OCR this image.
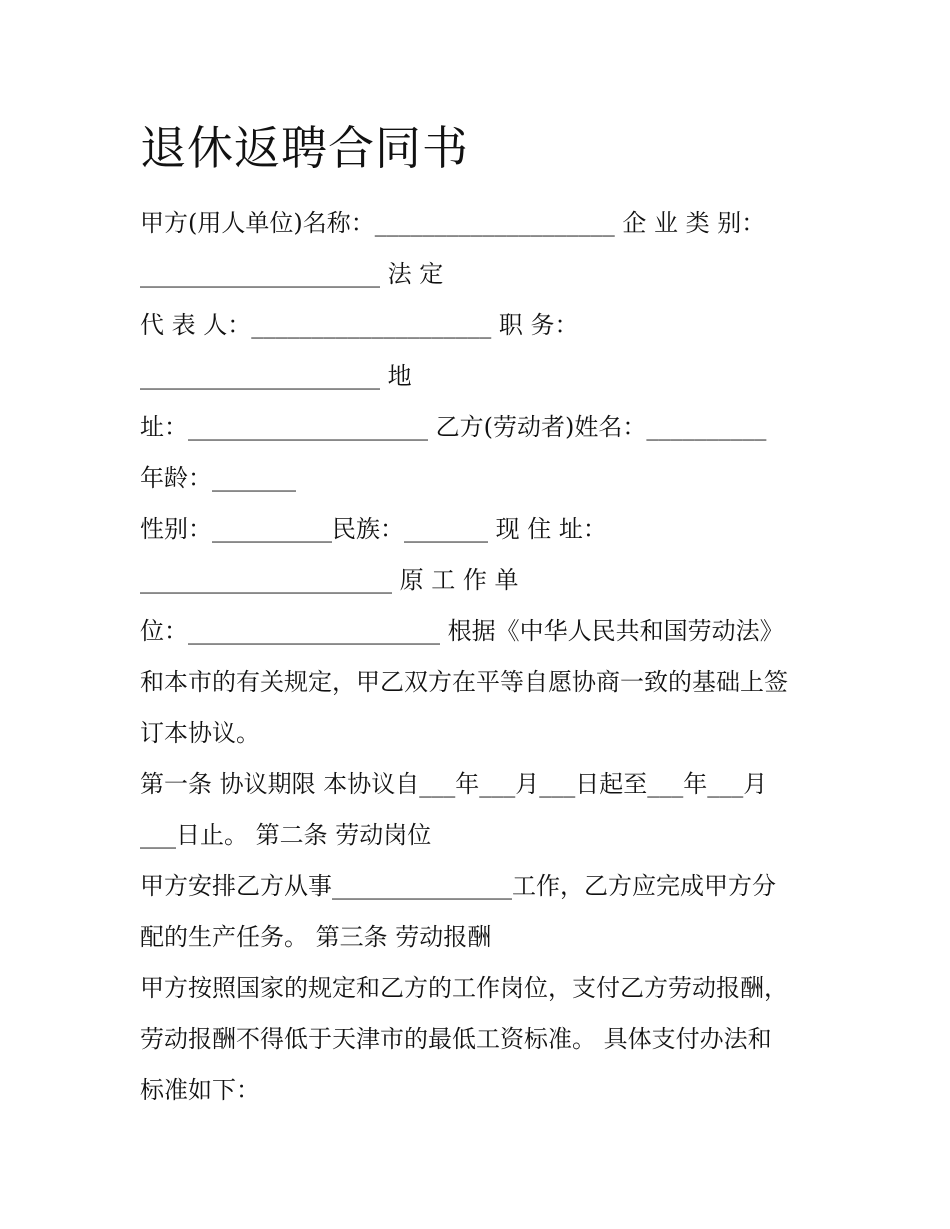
退休返聘合同书

甲方(用人单位)名称：____________________ 企 业 类 别：

____________________ 法 定

代 表 人：____________________ 职 务：

____________________ 地

址：____________________ 乙方(劳动者)姓名：__________

年龄：_______

性别：__________民族：_______ 现 住 址：

_____________________ 原 工 作 单

位：_____________________ 根据《中华人民共和国劳动法》

和本市的有关规定，甲乙双方在平等自愿协商一致的基础上签

订本协议。

第一条 协议期限 本协议自___年___月___日起至___年___月

___日止。 第二条 劳动岗位

甲方安排乙方从事_______________工作，乙方应完成甲方分

配的生产任务。 第三条 劳动报酬

甲方按照国家的规定和乙方的工作岗位，支付乙方劳动报酬，

劳动报酬不得低于天津市的最低工资标准。 具体支付办法和

标准如下：
